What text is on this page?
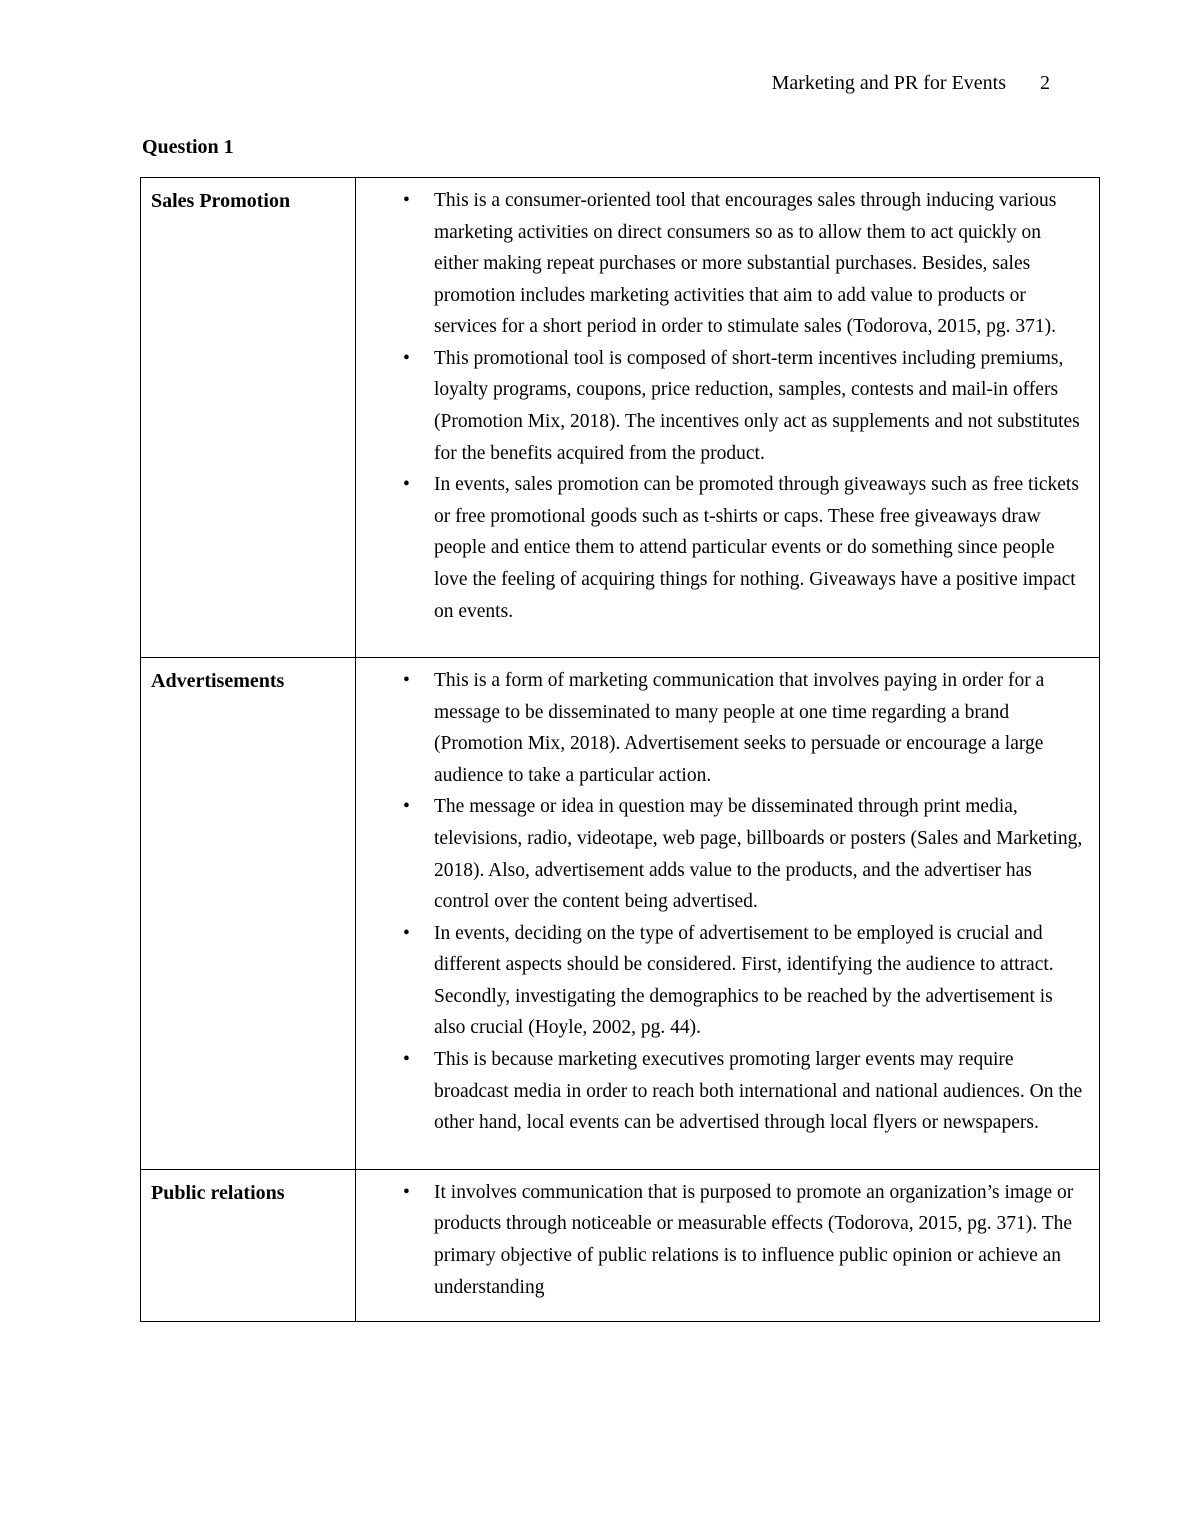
Marketing and PR for Events 2
Question 1
Sales Promotion	
•This is a consumer-oriented tool that encourages sales through inducing various marketing activities on direct consumers so as to allow them to act quickly on either making repeat purchases or more substantial purchases. Besides, sales promotion includes marketing activities that aim to add value to products or services for a short period in order to stimulate sales (Todorova, 2015, pg. 371).
• This promotional tool is composed of short-term incentives including premiums, loyalty programs, coupons, price reduction, samples, contests and mail-in offers (Promotion Mix, 2018). The incentives only act as supplements and not substitutes for the benefits acquired from the product.
• In events, sales promotion can be promoted through giveaways such as free tickets or free promotional goods such as t-shirts or caps. These free giveaways draw people and entice them to attend particular events or do something since people love the feeling of acquiring things for nothing. Giveaways have a positive impact on events.

Advertisements	
•This is a form of marketing communication that involves paying in order for a message to be disseminated to many people at one time regarding a brand (Promotion Mix, 2018). Advertisement seeks to persuade or encourage a large audience to take a particular action.
• The message or idea in question may be disseminated through print media, televisions, radio, videotape, web page, billboards or posters (Sales and Marketing, 2018). Also, advertisement adds value to the products, and the advertiser has control over the content being advertised.
• In events, deciding on the type of advertisement to be employed is crucial and different aspects should be considered. First, identifying the audience to attract. Secondly, investigating the demographics to be reached by the advertisement is also crucial (Hoyle, 2002, pg. 44).
• This is because marketing executives promoting larger events may require broadcast media in order to reach both international and national audiences. On the other hand, local events can be advertised through local flyers or newspapers.

Public relations	
•It involves communication that is purposed to promote an organization’s image or products through noticeable or measurable effects (Todorova, 2015, pg. 371). The primary objective of public relations is to influence public opinion or achieve an understanding
